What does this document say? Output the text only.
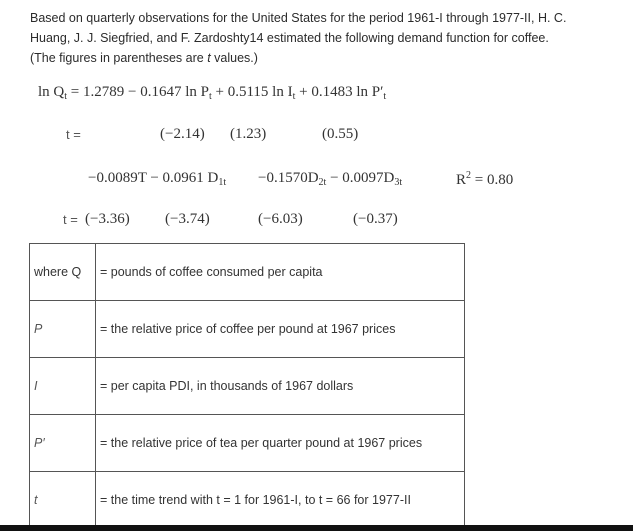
Based on quarterly observations for the United States for the period 1961-I through 1977-II, H. C.
Huang, J. J. Siegfried, and F. Zardoshty14 estimated the following demand function for coffee.
(The figures in parentheses are t values.)
$\ln Q_t = 1.2789 - 0.1647$ $\ln P_t + 0.5115$ $\ln I_t + 0.1483$ $\ln P'_t$
t =	(−2.14) (1.23)	(0.55)
−0.0089T − 0.0961 $D_{1t} -0.1570D_{2t} - 0.0097D_{3t}$	$R^2 = 0.80$
t = (−3.36) (−3.74)	(−6.03)	(−0.37)
where Q	= pounds of coffee consumed per capita
P	= the relative price of coffee per pound at 1967 prices
I	= per capita PDI, in thousands of 1967 dollars
P′	= the relative price of tea per quarter pound at 1967 prices
t	= the time trend with t = 1 for 1961-I, to t = 66 for 1977-II
